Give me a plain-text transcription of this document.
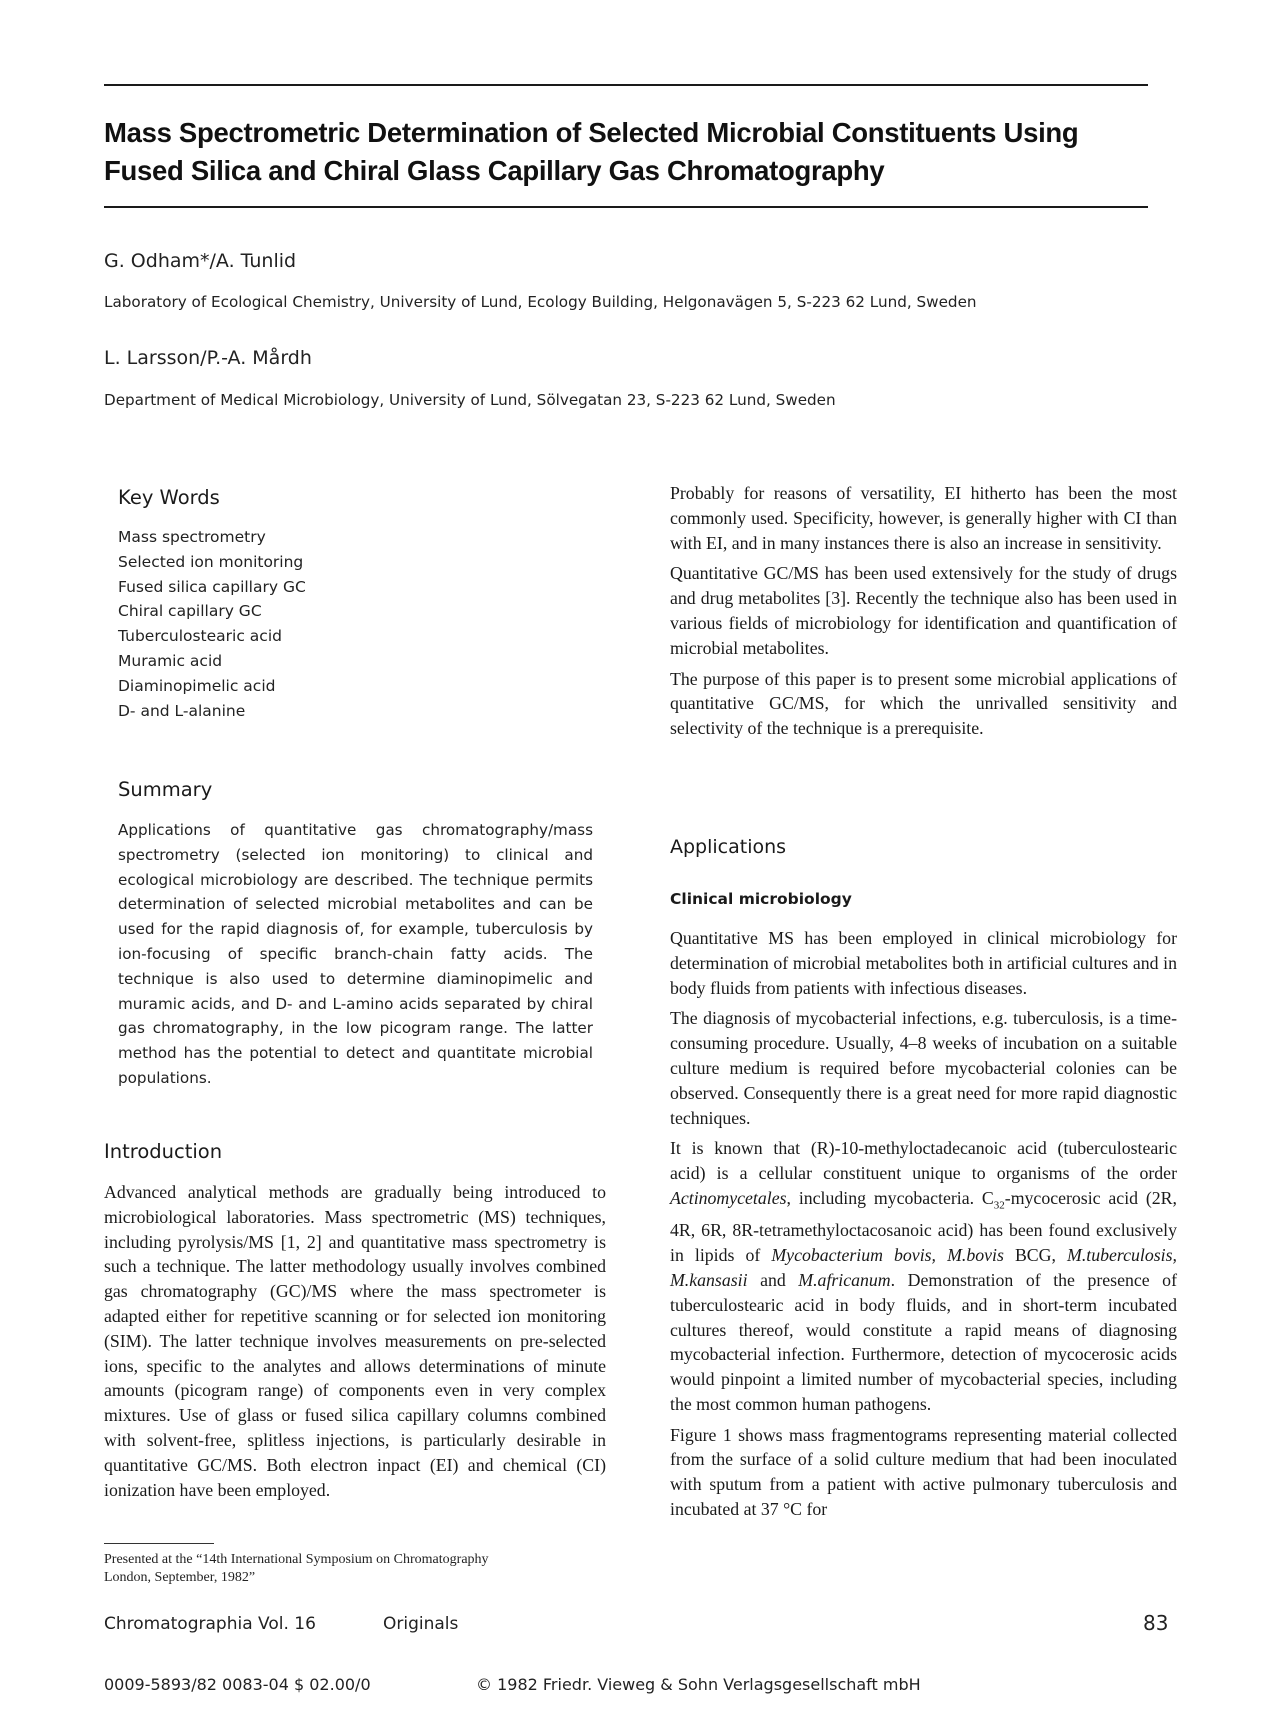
Mass Spectrometric Determination of Selected Microbial Constituents Using
Fused Silica and Chiral Glass Capillary Gas Chromatography
G. Odham*/A. Tunlid
Laboratory of Ecological Chemistry, University of Lund, Ecology Building, Helgonavägen 5, S-223 62 Lund, Sweden
L. Larsson/P.-A. Mårdh
Department of Medical Microbiology, University of Lund, Sölvegatan 23, S-223 62 Lund, Sweden
Key Words
Mass spectrometry
Selected ion monitoring
Fused silica capillary GC
Chiral capillary GC
Tuberculostearic acid
Muramic acid
Diaminopimelic acid
D- and L-alanine
Summary

Applications of quantitative gas chromatography/mass spectrometry (selected ion monitoring) to clinical and ecological microbiology are described. The technique permits determination of selected microbial metabolites and can be used for the rapid diagnosis of, for example, tuberculosis by ion-focusing of specific branch-chain fatty acids. The technique is also used to determine diaminopimelic and muramic acids, and D- and L-amino acids separated by chiral gas chromatography, in the low picogram range. The latter method has the potential to detect and quantitate microbial populations.

Introduction

Advanced analytical methods are gradually being introduced to microbiological laboratories. Mass spectrometric (MS) techniques, including pyrolysis/MS [1, 2] and quantitative mass spectrometry is such a technique. The latter methodology usually involves combined gas chromatography (GC)/MS where the mass spectrometer is adapted either for repetitive scanning or for selected ion monitoring (SIM). The latter technique involves measurements on pre-selected ions, specific to the analytes and allows determinations of minute amounts (picogram range) of components even in very complex mixtures. Use of glass or fused silica capillary columns combined with solvent-free, splitless injections, is particularly desirable in quantitative GC/MS. Both electron inpact (EI) and chemical (CI) ionization have been employed.

Presented at the “14th International Symposium on Chromatography
London, September, 1982”

Probably for reasons of versatility, EI hitherto has been the most commonly used. Specificity, however, is generally higher with CI than with EI, and in many instances there is also an increase in sensitivity.

Quantitative GC/MS has been used extensively for the study of drugs and drug metabolites [3]. Recently the technique also has been used in various fields of microbiology for identification and quantification of microbial metabolites.

The purpose of this paper is to present some microbial applications of quantitative GC/MS, for which the unrivalled sensitivity and selectivity of the technique is a prerequisite.

Applications
Clinical microbiology

Quantitative MS has been employed in clinical microbiology for determination of microbial metabolites both in artificial cultures and in body fluids from patients with infectious diseases.

The diagnosis of mycobacterial infections, e.g. tuberculosis, is a time-consuming procedure. Usually, 4–8 weeks of incubation on a suitable culture medium is required before mycobacterial colonies can be observed. Consequently there is a great need for more rapid diagnostic techniques.

It is known that (R)-10-methyloctadecanoic acid (tuberculostearic acid) is a cellular constituent unique to organisms of the order Actinomycetales, including mycobacteria. $C_{32}$-mycocerosic acid (2R, 4R, 6R, 8R-tetramethyloctacosanoic acid) has been found exclusively in lipids of Mycobacterium bovis, M.bovis BCG, M.tuberculosis, M.kansasii and M.africanum. Demonstration of the presence of tuberculostearic acid in body fluids, and in short-term incubated cultures thereof, would constitute a rapid means of diagnosing mycobacterial infection. Furthermore, detection of mycocerosic acids would pinpoint a limited number of mycobacterial species, including the most common human pathogens.

Figure 1 shows mass fragmentograms representing material collected from the surface of a solid culture medium that had been inoculated with sputum from a patient with active pulmonary tuberculosis and incubated at 37 °C for

Chromatographia Vol. 16	Originals	83
0009-5893/82 0083-04 $ 02.00/0	© 1982 Friedr. Vieweg & Sohn Verlagsgesellschaft mbH
